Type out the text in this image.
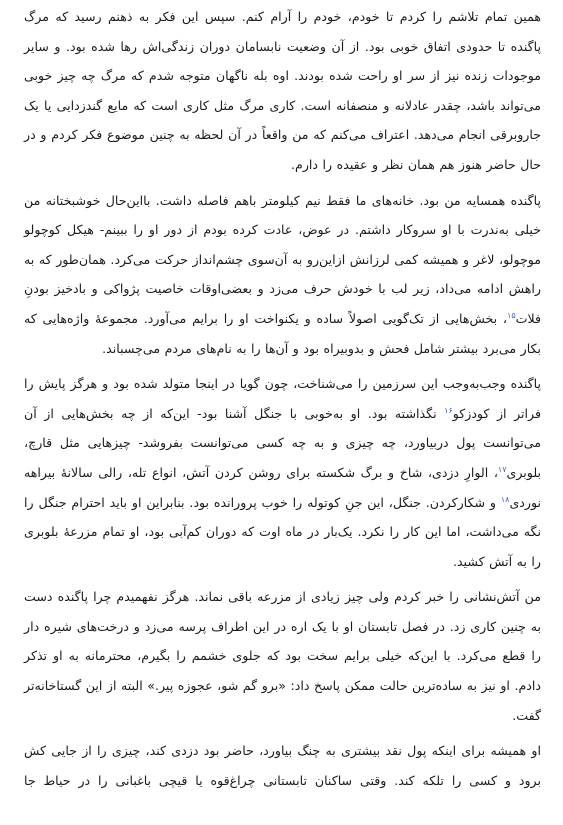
همین تمام تلاشم را کردم تا خودم، خودم را آرام کنم. سپس این فکر به ذهنم رسید که مرگ پاگنده تا حدودی اتفاق خوبی بود. از آن وضعیت نابسامان دوران زندگی‌اش رها شده بود. و سایر موجودات زنده نیز از سر او راحت شده بودند. اوه بله ناگهان متوجه شدم که مرگ چه چیز خوبی می‌تواند باشد، چقدر عادلانه و منصفانه است. کاری مرگ مثل کاری است که مایع گندزدایی یا یک جاروبرقی انجام می‌دهد. اعتراف می‌کنم که من واقعاً در آن لحظه به چنین موضوع فکر کردم و در حال حاضر هنوز هم همان نظر و عقیده را دارم.

پاگنده همسایه من بود. خانه‌های ما فقط نیم کیلومتر باهم فاصله داشت. بااین‌حال خوشبختانه من خیلی به‌ندرت با او سروکار داشتم. در عوض، عادت کرده بودم از دور او را ببینم- هیکل کوچولو موچولو، لاغر و همیشه کمی لرزانش ازاین‌رو به آن‌سوی چشم‌انداز حرکت می‌کرد. همان‌طور که به راهش ادامه می‌داد، زیر لب با خودش حرف می‌زد و بعضی‌اوقات خاصیت پژواکی و بادخیز بودنِ فلات$^{۱۵}$، بخش‌هایی از تک‌گویی اصولاً ساده و یکنواخت او را برایم می‌آورد. مجموعهٔ واژه‌هایی که بکار می‌برد بیشتر شامل فحش و بدوبیراه بود و آن‌ها را به نام‌های مردم می‌چسباند.

پاگنده وجب‌به‌وجب این سرزمین را می‌شناخت، چون گویا در اینجا متولد شده بود و هرگز پایش را فراتر از کودزکو$^{۱۶}$ نگذاشته بود. او به‌خوبی با جنگل آشنا بود- این‌که از چه بخش‌هایی از آن می‌توانست پول دربیاورد، چه چیزی و به چه کسی می‌توانست بفروشد- چیزهایی مثل قارچ، بلوبری$^{۱۷}$، الوارِ دزدی، شاخ و برگ شکسته برای روشن کردن آتش، انواع تله، رالی سالانهٔ بیراهه نوردی$^{۱۸}$ و شکارکردن. جنگل، این جنِ کوتوله را خوب پرورانده بود. بنابراین او باید احترام جنگل را نگه می‌داشت، اما این کار را نکرد. یک‌بار در ماه اوت که دوران کم‌آبی بود، او تمام مزرعهٔ بلوبری را به آتش کشید.

من آتش‌نشانی را خبر کردم ولی چیز زیادی از مزرعه باقی نماند. هرگز نفهمیدم چرا پاگنده دست به چنین کاری زد. در فصل تابستان او با یک اره در این اطراف پرسه می‌زد و درخت‌های شیره دار را قطع می‌کرد. با این‌که خیلی برایم سخت بود که جلوی خشمم را بگیرم، محترمانه به او تذکر دادم. او نیز به ساده‌ترین حالت ممکن پاسخ داد: «برو گم شو، عجوزه پیر.» البته از این گستاخانه‌تر گفت.

او همیشه برای اینکه پول نقد بیشتری به چنگ بیاورد، حاضر بود دزدی کند، چیزی را از جایی کش برود و کسی را تلکه کند. وقتی ساکنان تابستانی چراغ‌قوه یا قیچی باغبانی را در حیاط جا
